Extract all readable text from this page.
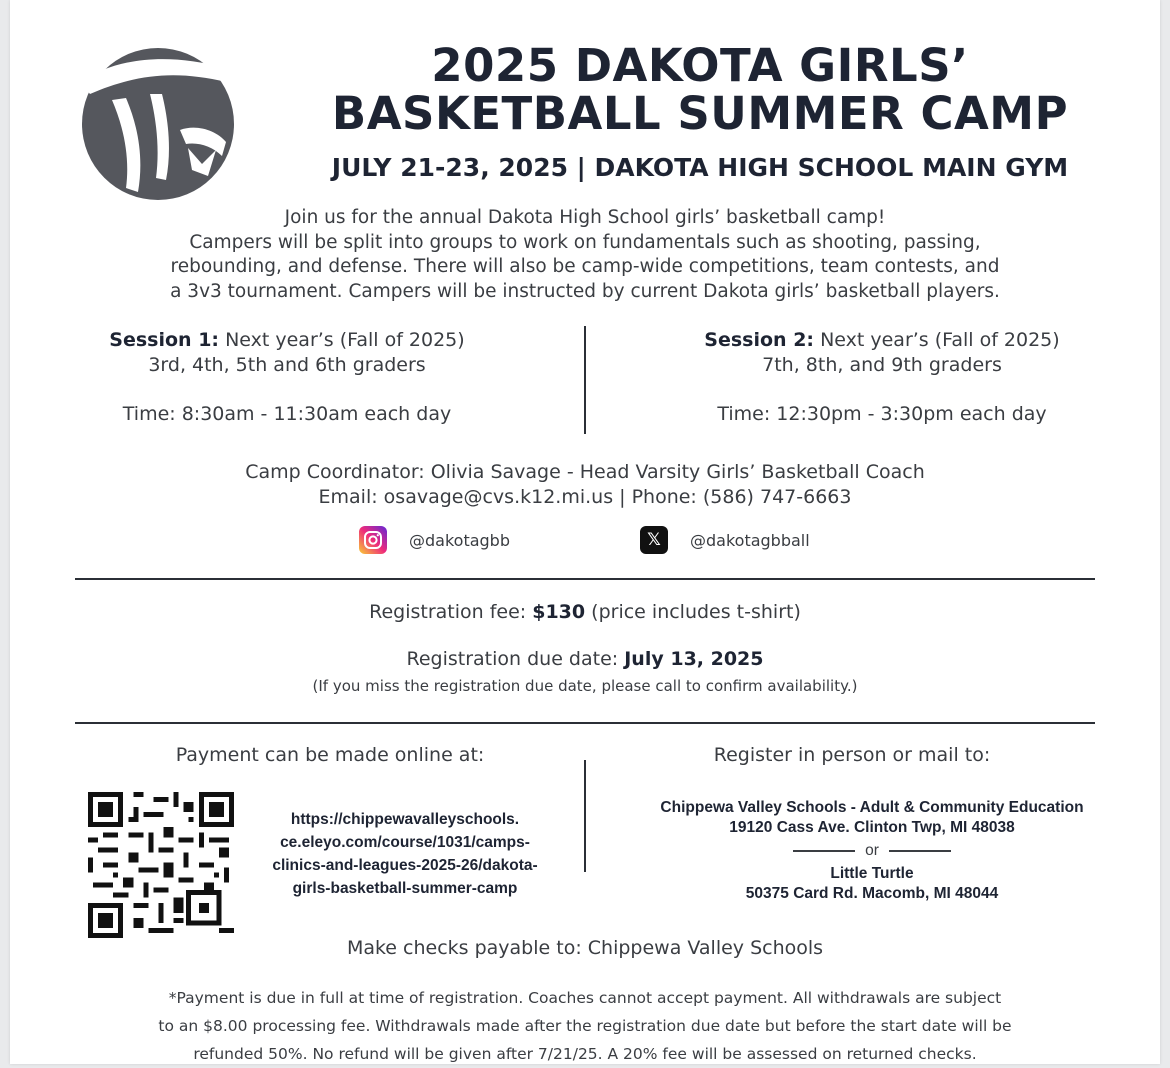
2025 DAKOTA GIRLS’
BASKETBALL SUMMER CAMP
JULY 21-23, 2025 | DAKOTA HIGH SCHOOL MAIN GYM
Join us for the annual Dakota High School girls’ basketball camp!
Campers will be split into groups to work on fundamentals such as shooting, passing,
rebounding, and defense. There will also be camp-wide competitions, team contests, and
a 3v3 tournament. Campers will be instructed by current Dakota girls’ basketball players.
Session 1: Next year’s (Fall of 2025)
3rd, 4th, 5th and 6th graders
Time: 8:30am - 11:30am each day
Session 2: Next year’s (Fall of 2025)
7th, 8th, and 9th graders
Time: 12:30pm - 3:30pm each day
Camp Coordinator: Olivia Savage - Head Varsity Girls’ Basketball Coach
Email: osavage@cvs.k12.mi.us | Phone: (586) 747-6663
@dakotagbb	𝕏	@dakotagbball
Registration fee: $130 (price includes t-shirt)
Registration due date: July 13, 2025
(If you miss the registration due date, please call to confirm availability.)
Payment can be made online at:	Register in person or mail to:
https://chippewavalleyschools.
ce.eleyo.com/course/1031/camps-
clinics-and-leagues-2025-26/dakota-
girls-basketball-summer-camp
Chippewa Valley Schools - Adult & Community Education
19120 Cass Ave. Clinton Twp, MI 48038
or
Little Turtle
50375 Card Rd. Macomb, MI 48044
Make checks payable to: Chippewa Valley Schools
*Payment is due in full at time of registration. Coaches cannot accept payment. All withdrawals are subject
to an $8.00 processing fee. Withdrawals made after the registration due date but before the start date will be
refunded 50%. No refund will be given after 7/21/25. A 20% fee will be assessed on returned checks.
